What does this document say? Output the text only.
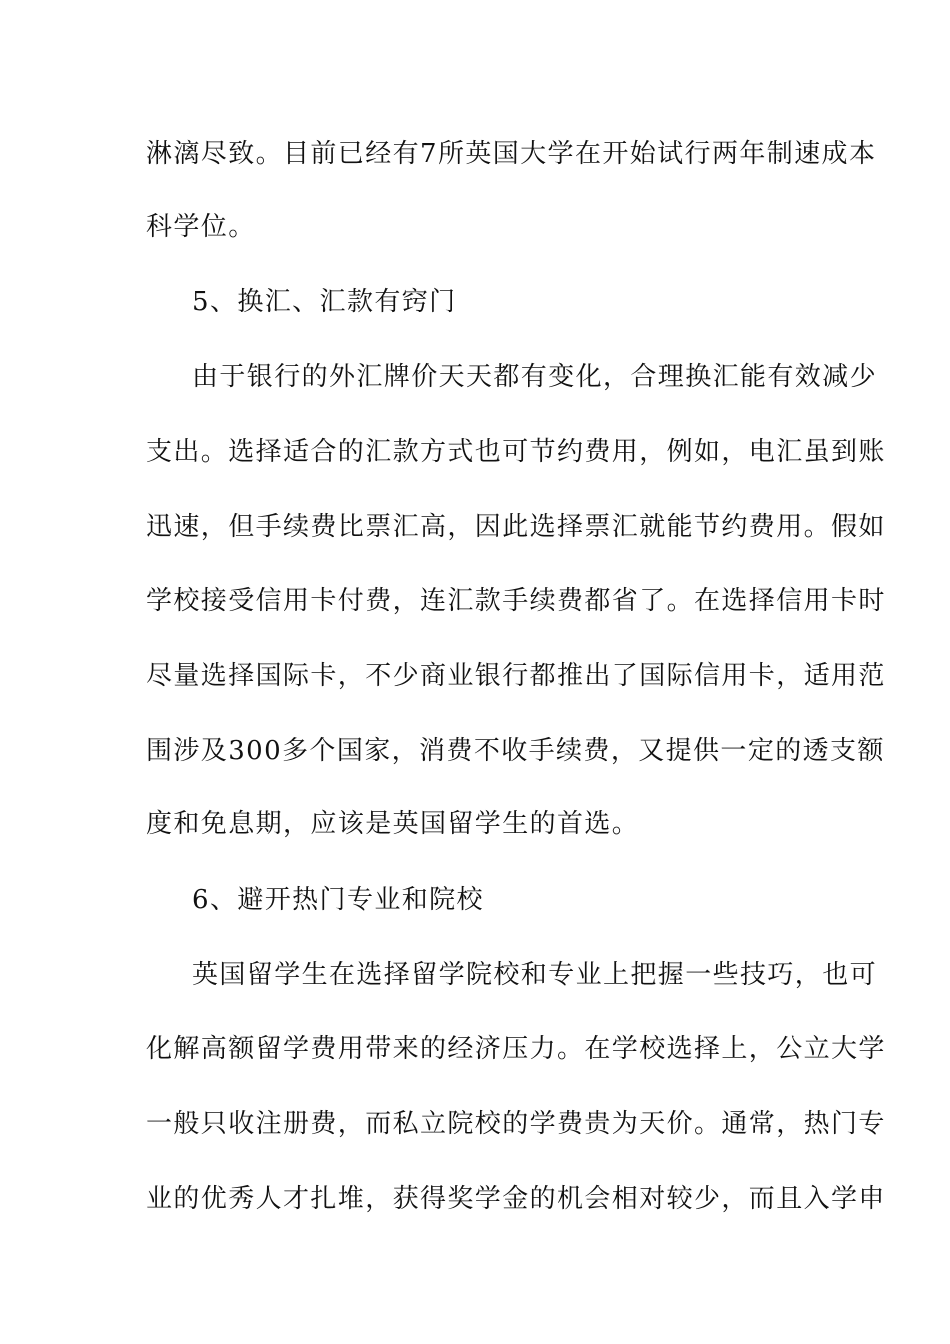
淋漓尽致。目前已经有7所英国大学在开始试行两年制速成本
科学位。
5、换汇、汇款有窍门
由于银行的外汇牌价天天都有变化，合理换汇能有效减少
支出。选择适合的汇款方式也可节约费用，例如，电汇虽到账
迅速，但手续费比票汇高，因此选择票汇就能节约费用。假如
学校接受信用卡付费，连汇款手续费都省了。在选择信用卡时
尽量选择国际卡，不少商业银行都推出了国际信用卡，适用范
围涉及300多个国家，消费不收手续费，又提供一定的透支额
度和免息期，应该是英国留学生的首选。
6、避开热门专业和院校
英国留学生在选择留学院校和专业上把握一些技巧，也可
化解高额留学费用带来的经济压力。在学校选择上，公立大学
一般只收注册费，而私立院校的学费贵为天价。通常，热门专
业的优秀人才扎堆，获得奖学金的机会相对较少，而且入学申
